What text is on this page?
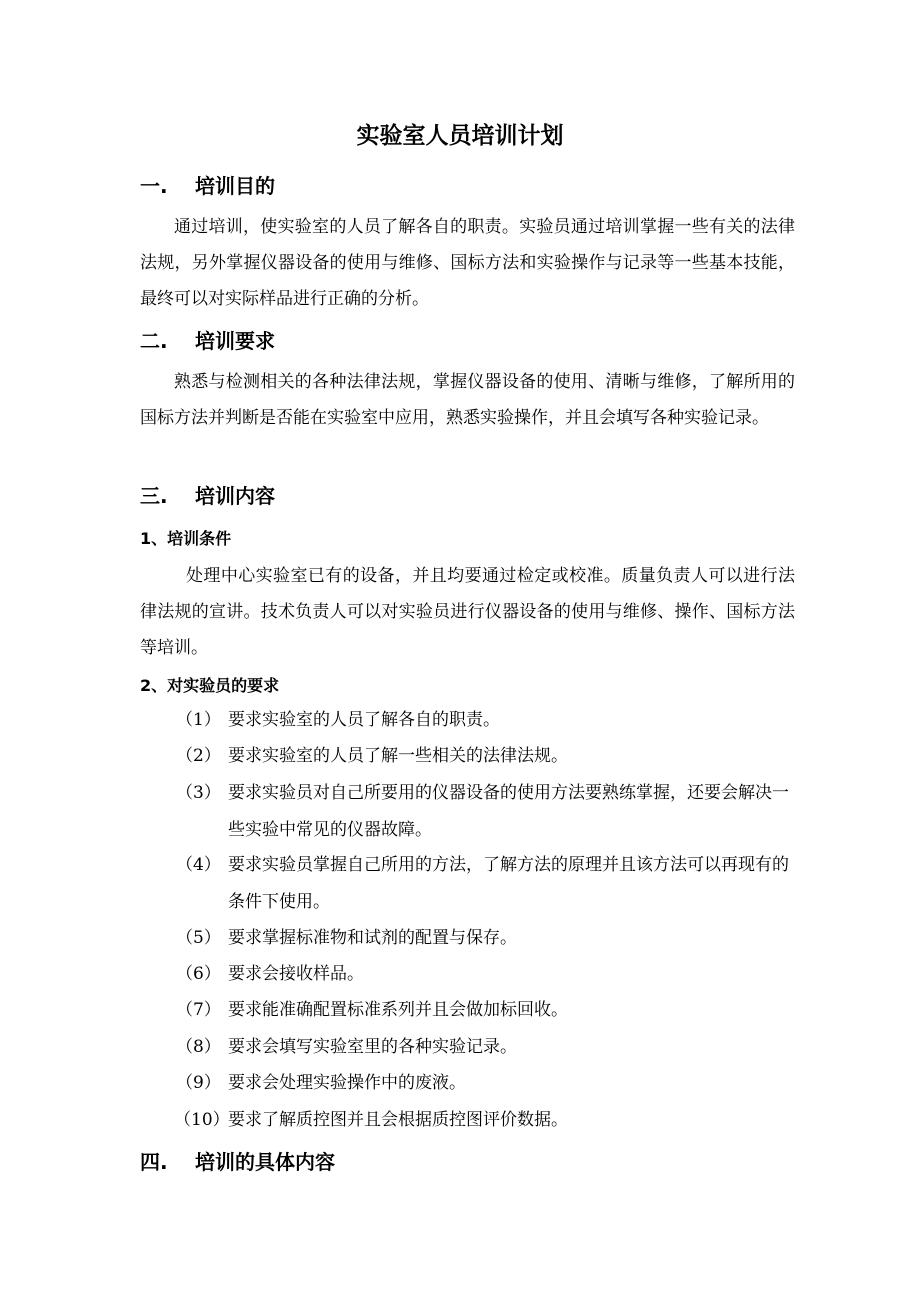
实验室人员培训计划
一. 培训目的
通过培训，使实验室的人员了解各自的职责。实验员通过培训掌握一些有关的法律法规，另外掌握仪器设备的使用与维修、国标方法和实验操作与记录等一些基本技能，最终可以对实际样品进行正确的分析。
二. 培训要求
熟悉与检测相关的各种法律法规，掌握仪器设备的使用、清晰与维修，了解所用的国标方法并判断是否能在实验室中应用，熟悉实验操作，并且会填写各种实验记录。
三. 培训内容
1、培训条件
处理中心实验室已有的设备，并且均要通过检定或校准。质量负责人可以进行法律法规的宣讲。技术负责人可以对实验员进行仪器设备的使用与维修、操作、国标方法等培训。
2、对实验员的要求
（1） 要求实验室的人员了解各自的职责。
（2） 要求实验室的人员了解一些相关的法律法规。
（3） 要求实验员对自己所要用的仪器设备的使用方法要熟练掌握，还要会解决一些实验中常见的仪器故障。
（4） 要求实验员掌握自己所用的方法，了解方法的原理并且该方法可以再现有的条件下使用。
（5） 要求掌握标准物和试剂的配置与保存。
（6） 要求会接收样品。
（7） 要求能准确配置标准系列并且会做加标回收。
（8） 要求会填写实验室里的各种实验记录。
（9） 要求会处理实验操作中的废液。
（10）
要求了解质控图并且会根据质控图评价数据。
四. 培训的具体内容
